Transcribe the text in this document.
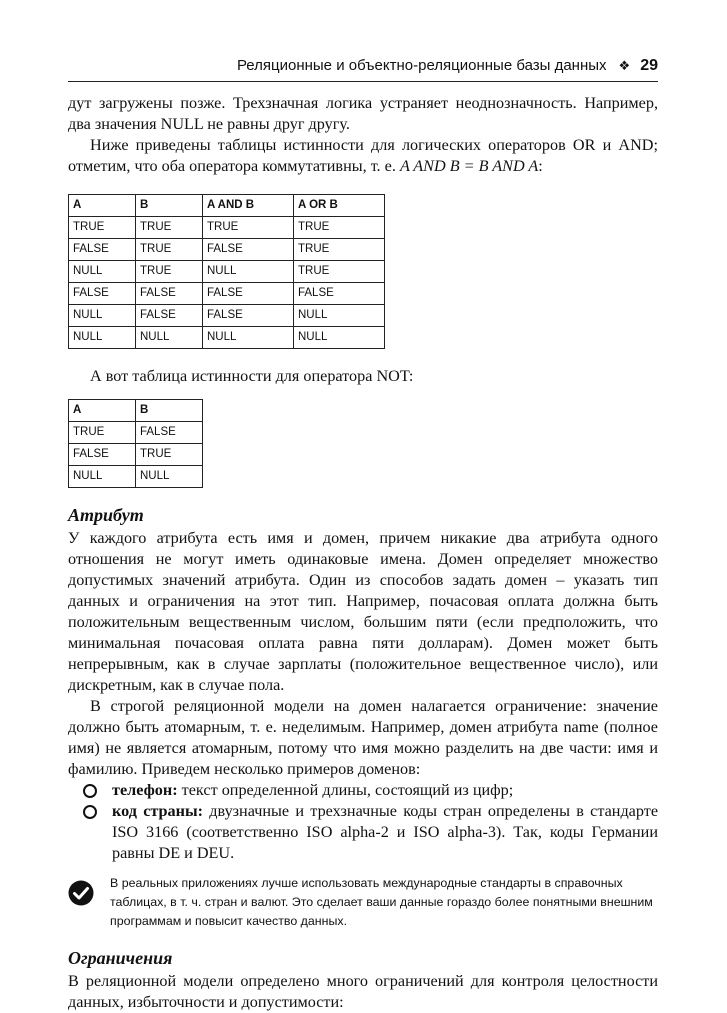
Реляционные и объектно-реляционные базы данных ❖ 29

дут загружены позже. Трехзначная логика устраняет неоднозначность. Например, два значения NULL не равны друг другу.

Ниже приведены таблицы истинности для логических операторов OR и AND; отметим, что оба оператора коммутативны, т. е. A AND B = B AND A:

A	B	A AND B	A OR B
TRUE	TRUE	TRUE	TRUE
FALSE	TRUE	FALSE	TRUE
NULL	TRUE	NULL	TRUE
FALSE	FALSE	FALSE	FALSE
NULL	FALSE	FALSE	NULL
NULL	NULL	NULL	NULL

А вот таблица истинности для оператора NOT:

A	B
TRUE	FALSE
FALSE	TRUE
NULL	NULL
Атрибут

У каждого атрибута есть имя и домен, причем никакие два атрибута одного отношения не могут иметь одинаковые имена. Домен определяет множество допустимых значений атрибута. Один из способов задать домен – указать тип данных и ограничения на этот тип. Например, почасовая оплата должна быть положительным вещественным числом, большим пяти (если предположить, что минимальная почасовая оплата равна пяти долларам). Домен может быть непрерывным, как в случае зарплаты (положительное вещественное число), или дискретным, как в случае пола.

В строгой реляционной модели на домен налагается ограничение: значение должно быть атомарным, т. е. неделимым. Например, домен атрибута name (полное имя) не является атомарным, потому что имя можно разделить на две части: имя и фамилию. Приведем несколько примеров доменов:

телефон: текст определенной длины, состоящий из цифр;
код страны: двузначные и трехзначные коды стран определены в стандарте ISO 3166 (соответственно ISO alpha-2 и ISO alpha-3). Так, коды Германии равны DE и DEU.

В реальных приложениях лучше использовать международные стандарты в справочных таблицах, в т. ч. стран и валют. Это сделает ваши данные гораздо более понятными внешним программам и повысит качество данных.

Ограничения

В реляционной модели определено много ограничений для контроля целостности данных, избыточности и допустимости:
